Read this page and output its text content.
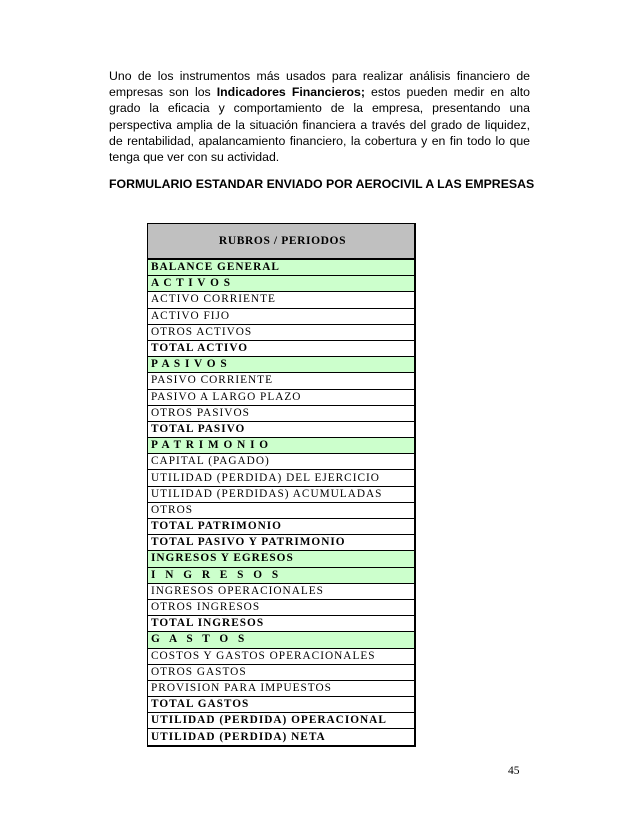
Uno de los instrumentos más usados para realizar análisis financiero de empresas son los Indicadores Financieros; estos pueden medir en alto grado la eficacia y comportamiento de la empresa, presentando una perspectiva amplia de la situación financiera a través del grado de liquidez, de rentabilidad, apalancamiento financiero, la cobertura y en fin todo lo que tenga que ver con su actividad.

FORMULARIO ESTANDAR ENVIADO POR AEROCIVIL A LAS EMPRESAS

RUBROS / PERIODOS
BALANCE GENERAL
A C T I V O S
ACTIVO CORRIENTE
ACTIVO FIJO
OTROS ACTIVOS
TOTAL ACTIVO
P A S I V O S
PASIVO CORRIENTE
PASIVO A LARGO PLAZO
OTROS PASIVOS
TOTAL PASIVO
P A T R I M O N I O
CAPITAL (PAGADO)
UTILIDAD (PERDIDA) DEL EJERCICIO
UTILIDAD (PERDIDAS) ACUMULADAS
OTROS
TOTAL PATRIMONIO
TOTAL PASIVO Y PATRIMONIO
INGRESOS Y EGRESOS
I N G R E S O S
INGRESOS OPERACIONALES
OTROS INGRESOS
TOTAL INGRESOS
G A S T O S
COSTOS Y GASTOS OPERACIONALES
OTROS GASTOS
PROVISION PARA IMPUESTOS
TOTAL GASTOS
UTILIDAD (PERDIDA) OPERACIONAL
UTILIDAD (PERDIDA) NETA
45
